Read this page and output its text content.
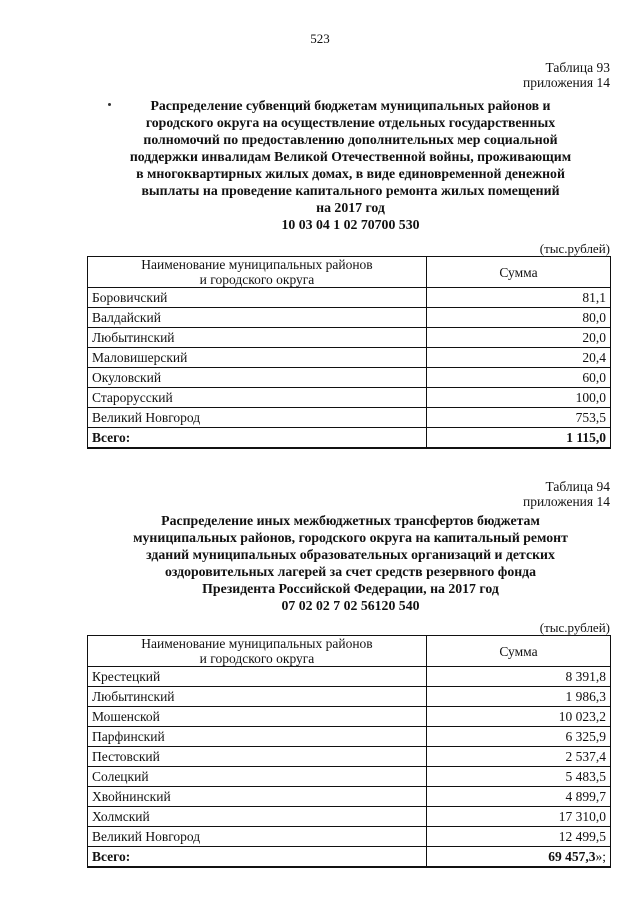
523
Таблица 93
приложения 14
Распределение субвенций бюджетам муниципальных районов и
городского округа на осуществление отдельных государственных
полномочий по предоставлению дополнительных мер социальной
поддержки инвалидам Великой Отечественной войны, проживающим
в многоквартирных жилых домах, в виде единовременной денежной
выплаты на проведение капитального ремонта жилых помещений
на 2017 год
10 03 04 1 02 70700 530
(тыс.рублей)
Наименование муниципальных районов
и городского округа	Сумма
Боровичский	81,1
Валдайский	80,0
Любытинский	20,0
Маловишерский	20,4
Окуловский	60,0
Старорусский	100,0
Великий Новгород	753,5
Всего:	1 115,0
Таблица 94
приложения 14
Распределение иных межбюджетных трансфертов бюджетам
муниципальных районов, городского округа на капитальный ремонт
зданий муниципальных образовательных организаций и детских
оздоровительных лагерей за счет средств резервного фонда
Президента Российской Федерации, на 2017 год
07 02 02 7 02 56120 540
(тыс.рублей)
Наименование муниципальных районов
и городского округа	Сумма
Крестецкий	8 391,8
Любытинский	1 986,3
Мошенской	10 023,2
Парфинский	6 325,9
Пестовский	2 537,4
Солецкий	5 483,5
Хвойнинский	4 899,7
Холмский	17 310,0
Великий Новгород	12 499,5
Всего:	69 457,3»;
